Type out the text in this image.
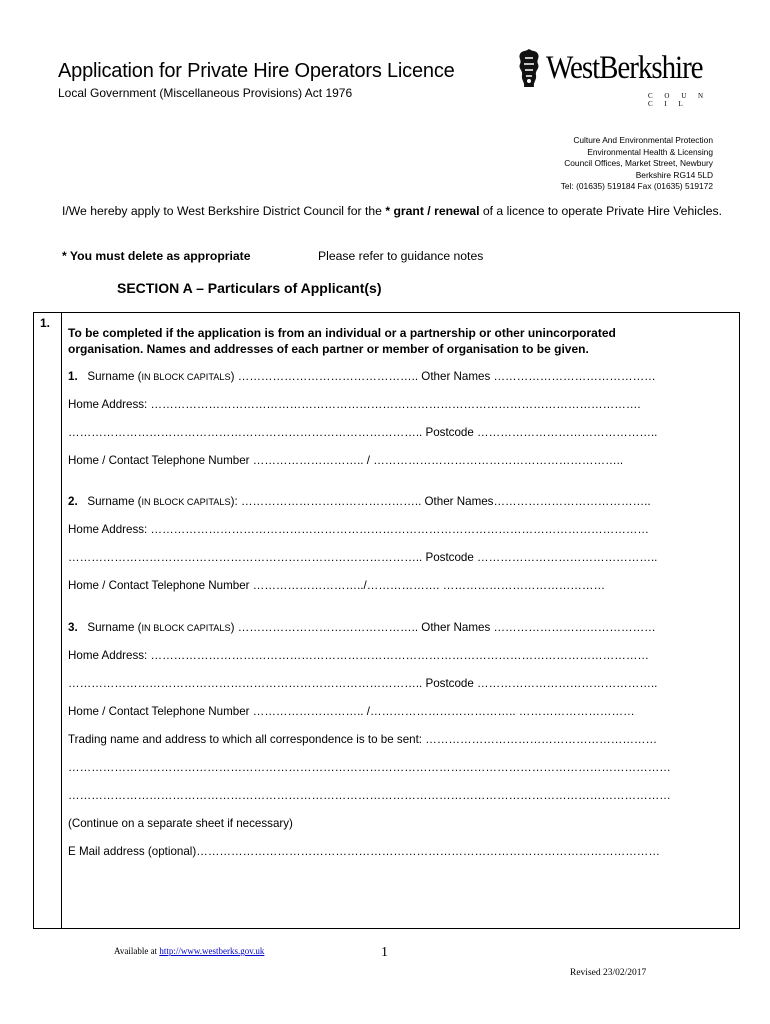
Application for Private Hire Operators Licence
Local Government (Miscellaneous Provisions) Act 1976
WestBerkshire
C O U N C I L
Culture And Environmental Protection
Environmental Health & Licensing
Council Offices, Market Street, Newbury
Berkshire RG14 5LD
Tel: (01635) 519184 Fax (01635) 519172
I/We hereby apply to West Berkshire District Council for the * grant / renewal of a licence to operate Private Hire Vehicles.
* You must delete as appropriate	Please refer to guidance notes
SECTION A – Particulars of Applicant(s)
1.
To be completed if the application is from an individual or a partnership or other unincorporated
organisation. Names and addresses of each partner or member of organisation to be given.
1. Surname (IN BLOCK CAPITALS) ……………………………………….. Other Names ……………………………………
Home Address: ……………………………………………………………………………………………………………….
……………………………………………………………………………….. Postcode ………………………………………..
Home / Contact Telephone Number ……………………….. / ………………………………………………………..
2. Surname (IN BLOCK CAPITALS): ……………………………………….. Other Names…………………………………..
Home Address: …………………………………………………………………………………………………………………
……………………………………………………………………………….. Postcode ………………………………………..
Home / Contact Telephone Number ………………………../………………. ……………………………………
3. Surname (IN BLOCK CAPITALS) ……………………………………….. Other Names ……………………………………
Home Address: …………………………………………………………………………………………………………………
……………………………………………………………………………….. Postcode ………………………………………..
Home / Contact Telephone Number ……………………….. /……………………………….. …………………………
Trading name and address to which all correspondence is to be sent: ……………………………………………………
…………………………………………………………………………………………………………………………………………
…………………………………………………………………………………………………………………………………………
(Continue on a separate sheet if necessary)
E Mail address (optional)…………………………………………………………………………………………………………
Available at http://www.westberks.gov.uk	1
Revised 23/02/2017
